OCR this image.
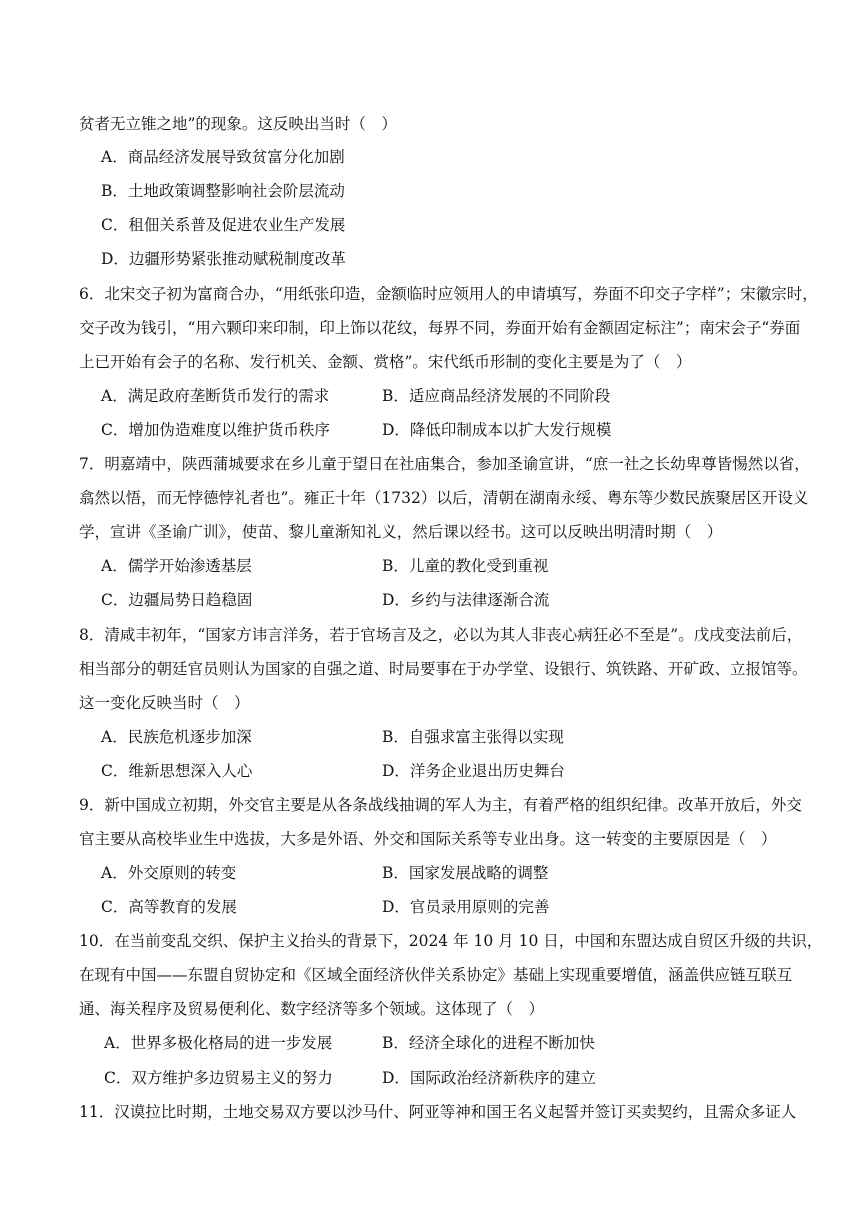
贫者无立锥之地”的现象。这反映出当时（　）
A．商品经济发展导致贫富分化加剧
B．土地政策调整影响社会阶层流动
C．租佃关系普及促进农业生产发展
D．边疆形势紧张推动赋税制度改革
6．北宋交子初为富商合办，“用纸张印造，金额临时应领用人的申请填写，券面不印交子字样”；宋徽宗时，
交子改为钱引，“用六颗印来印制，印上饰以花纹，每界不同，券面开始有金额固定标注”；南宋会子“券面
上已开始有会子的名称、发行机关、金额、赏格”。宋代纸币形制的变化主要是为了（　）
A．满足政府垄断货币发行的需求	B．适应商品经济发展的不同阶段
C．增加伪造难度以维护货币秩序	D．降低印制成本以扩大发行规模
7．明嘉靖中，陕西蒲城要求在乡儿童于望日在社庙集合，参加圣谕宣讲，“庶一社之长幼卑尊皆惕然以省，
翕然以悟，而无悖德悖礼者也”。雍正十年（1732）以后，清朝在湖南永绥、粤东等少数民族聚居区开设义
学，宣讲《圣谕广训》，使苗、黎儿童渐知礼义，然后课以经书。这可以反映出明清时期（　）
A．儒学开始渗透基层	B．儿童的教化受到重视
C．边疆局势日趋稳固	D．乡约与法律逐渐合流
8．清咸丰初年，“国家方讳言洋务，若于官场言及之，必以为其人非丧心病狂必不至是”。戊戌变法前后，
相当部分的朝廷官员则认为国家的自强之道、时局要事在于办学堂、设银行、筑铁路、开矿政、立报馆等。
这一变化反映当时（　）
A．民族危机逐步加深	B．自强求富主张得以实现
C．维新思想深入人心	D．洋务企业退出历史舞台
9．新中国成立初期，外交官主要是从各条战线抽调的军人为主，有着严格的组织纪律。改革开放后，外交
官主要从高校毕业生中选拔，大多是外语、外交和国际关系等专业出身。这一转变的主要原因是（　）
A．外交原则的转变	B．国家发展战略的调整
C．高等教育的发展	D．官员录用原则的完善
10．在当前变乱交织、保护主义抬头的背景下，2024 年 10 月 10 日，中国和东盟达成自贸区升级的共识，
在现有中国——东盟自贸协定和《区域全面经济伙伴关系协定》基础上实现重要增值，涵盖供应链互联互
通、海关程序及贸易便利化、数字经济等多个领域。这体现了（　）
A．世界多极化格局的进一步发展	B．经济全球化的进程不断加快
C．双方维护多边贸易主义的努力	D．国际政治经济新秩序的建立
11．汉谟拉比时期，土地交易双方要以沙马什、阿亚等神和国王名义起誓并签订买卖契约，且需众多证人
